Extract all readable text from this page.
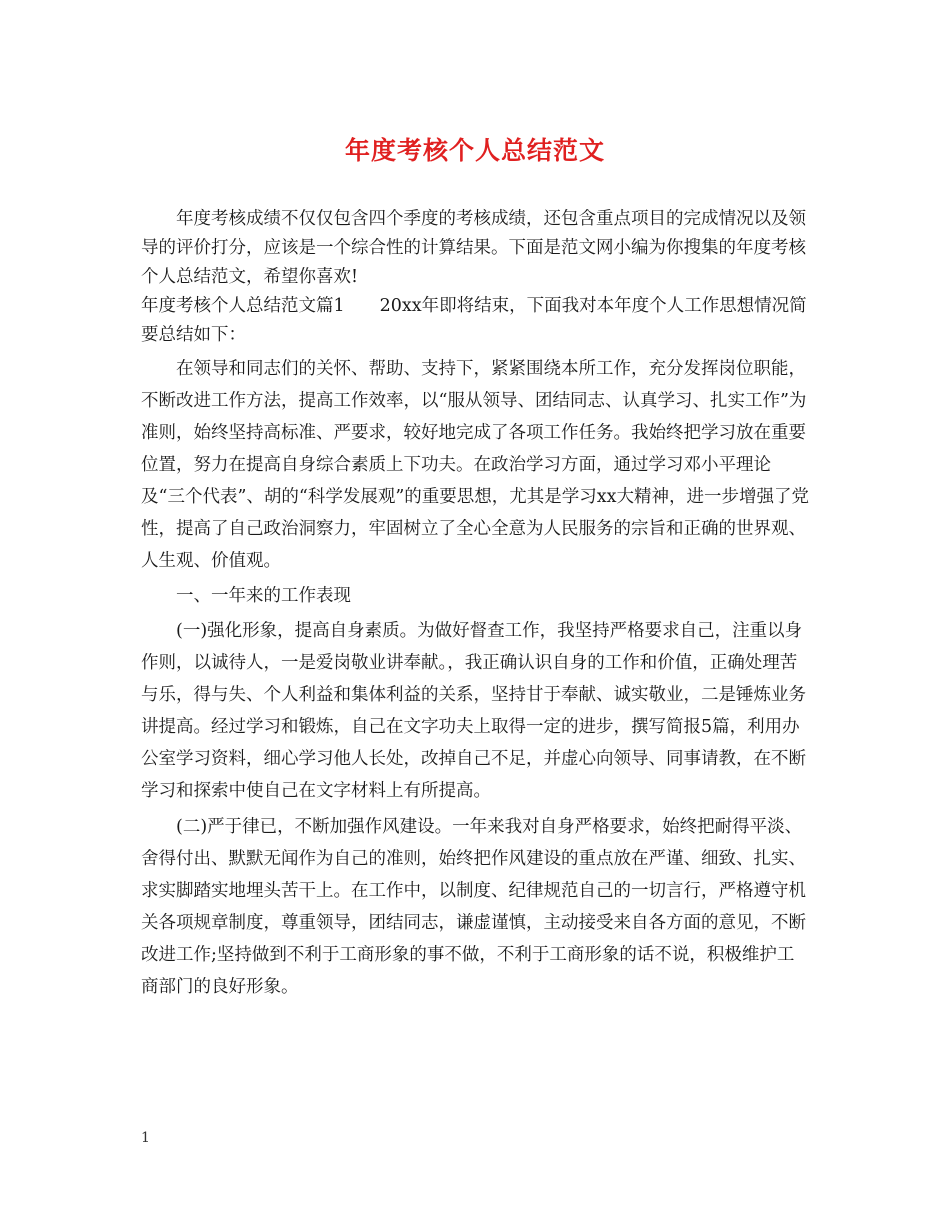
年度考核个人总结范文

年度考核成绩不仅仅包含四个季度的考核成绩，还包含重点项目的完成情况以及领导的评价打分，应该是一个综合性的计算结果。下面是范文网小编为你搜集的年度考核个人总结范文，希望你喜欢!

年度考核个人总结范文篇1　　20xx年即将结束，下面我对本年度个人工作思想情况简要总结如下：

在领导和同志们的关怀、帮助、支持下，紧紧围绕本所工作，充分发挥岗位职能，不断改进工作方法，提高工作效率，以“服从领导、团结同志、认真学习、扎实工作”为准则，始终坚持高标准、严要求，较好地完成了各项工作任务。我始终把学习放在重要位置，努力在提高自身综合素质上下功夫。在政治学习方面，通过学习邓小平理论及“三个代表”、胡的“科学发展观”的重要思想，尤其是学习xx大精神，进一步增强了党性，提高了自己政治洞察力，牢固树立了全心全意为人民服务的宗旨和正确的世界观、人生观、价值观。

一、一年来的工作表现

(一)强化形象，提高自身素质。为做好督查工作，我坚持严格要求自己，注重以身作则，以诚待人，一是爱岗敬业讲奉献。，我正确认识自身的工作和价值，正确处理苦与乐，得与失、个人利益和集体利益的关系，坚持甘于奉献、诚实敬业，二是锤炼业务讲提高。经过学习和锻炼，自己在文字功夫上取得一定的进步，撰写简报5篇，利用办公室学习资料，细心学习他人长处，改掉自己不足，并虚心向领导、同事请教，在不断学习和探索中使自己在文字材料上有所提高。

(二)严于律已，不断加强作风建设。一年来我对自身严格要求，始终把耐得平淡、舍得付出、默默无闻作为自己的准则，始终把作风建设的重点放在严谨、细致、扎实、求实脚踏实地埋头苦干上。在工作中，以制度、纪律规范自己的一切言行，严格遵守机关各项规章制度，尊重领导，团结同志，谦虚谨慎，主动接受来自各方面的意见，不断改进工作;坚持做到不利于工商形象的事不做，不利于工商形象的话不说，积极维护工商部门的良好形象。

1
